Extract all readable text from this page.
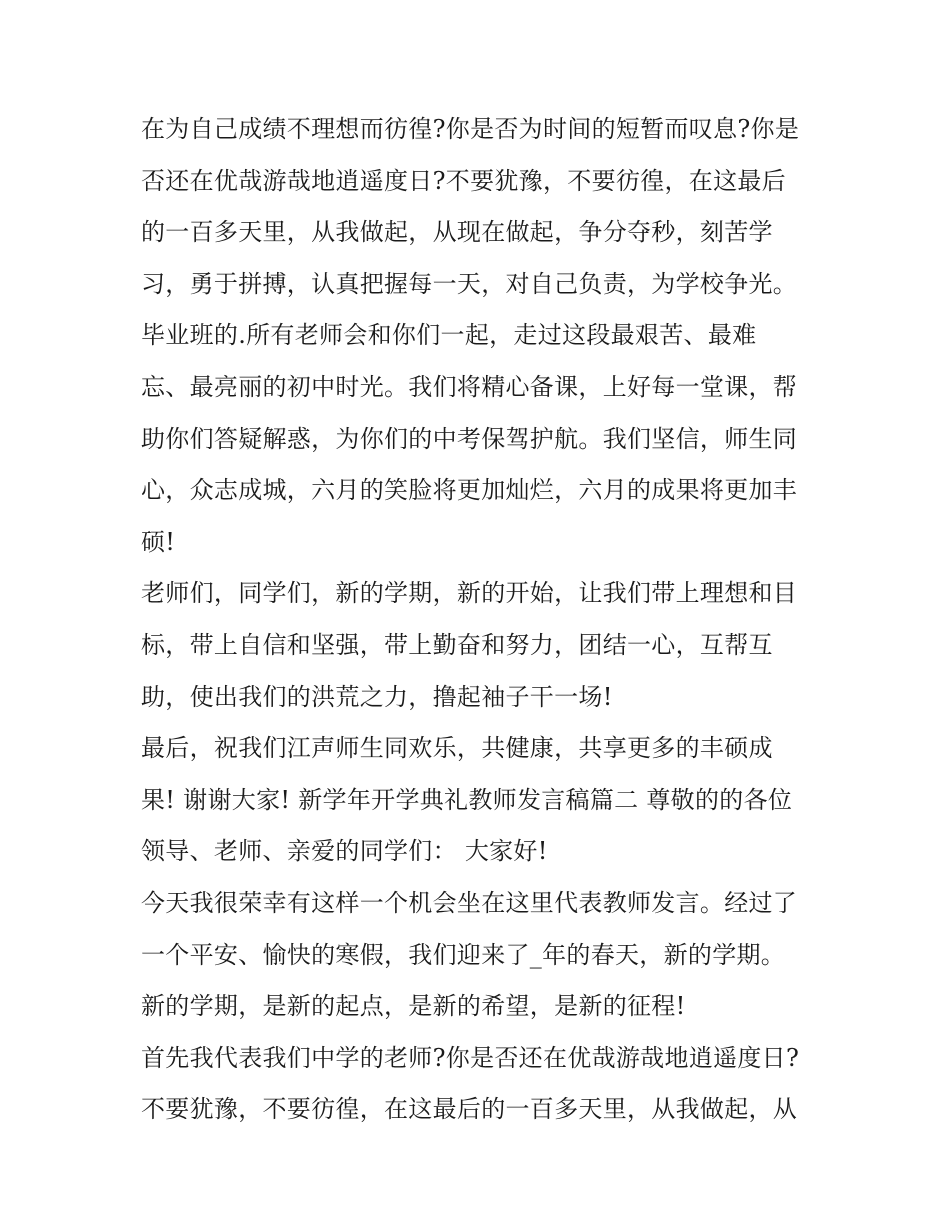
在为自己成绩不理想而彷徨?你是否为时间的短暂而叹息?你是
否还在优哉游哉地逍遥度日?不要犹豫，不要彷徨，在这最后
的一百多天里，从我做起，从现在做起，争分夺秒，刻苦学
习，勇于拼搏，认真把握每一天，对自己负责，为学校争光。
毕业班的.所有老师会和你们一起，走过这段最艰苦、最难
忘、最亮丽的初中时光。我们将精心备课，上好每一堂课，帮
助你们答疑解惑，为你们的中考保驾护航。我们坚信，师生同
心，众志成城，六月的笑脸将更加灿烂，六月的成果将更加丰
硕!
老师们，同学们，新的学期，新的开始，让我们带上理想和目
标，带上自信和坚强，带上勤奋和努力，团结一心，互帮互
助，使出我们的洪荒之力，撸起袖子干一场!
最后，祝我们江声师生同欢乐，共健康，共享更多的丰硕成
果! 谢谢大家! 新学年开学典礼教师发言稿篇二 尊敬的的各位
领导、老师、亲爱的同学们： 大家好!
今天我很荣幸有这样一个机会坐在这里代表教师发言。经过了
一个平安、愉快的寒假，我们迎来了_年的春天，新的学期。
新的学期，是新的起点，是新的希望，是新的征程!
首先我代表我们中学的老师?你是否还在优哉游哉地逍遥度日?
不要犹豫，不要彷徨，在这最后的一百多天里，从我做起，从
